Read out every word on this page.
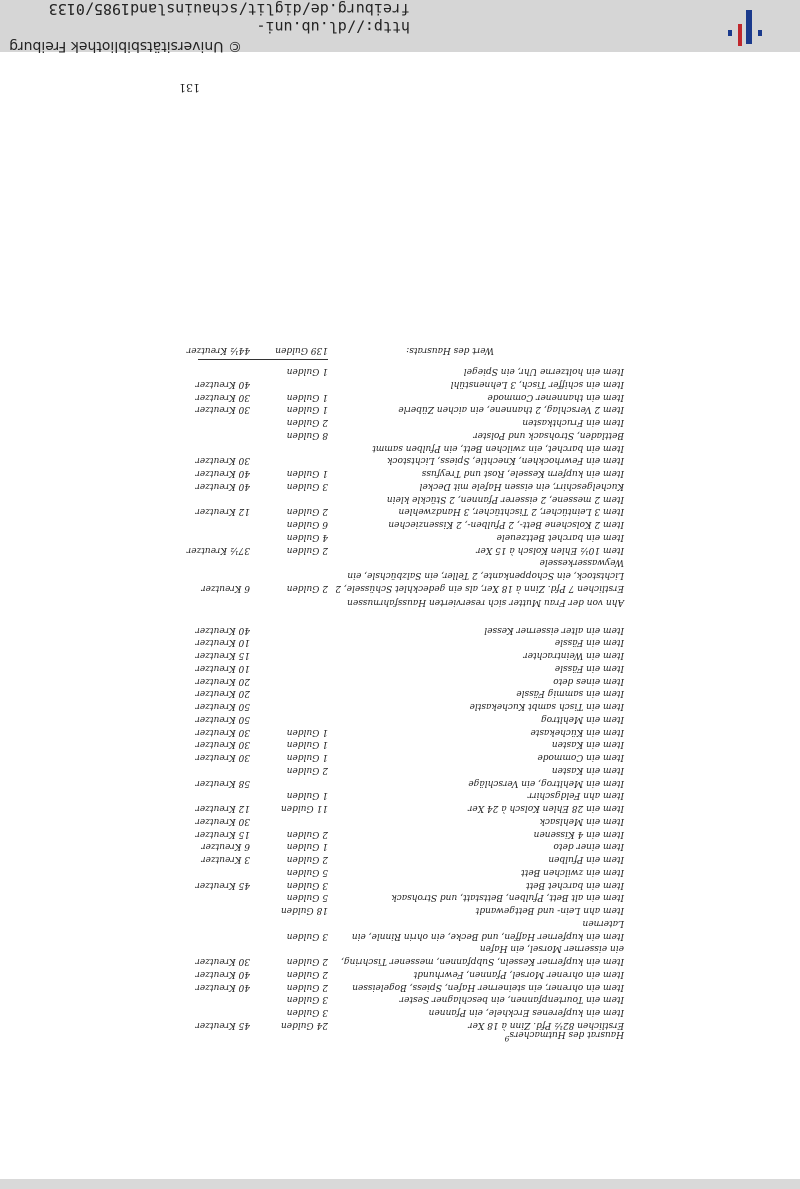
Hausrat des Hutmachers$^9$
Erstlichen 82½ Pfd. Zinn à 18 Xer
24 Gulden
45 Kreutzer
Item ein kupferenes Erckhele, ein Pfannen
3 Gulden
Item ein Tourtenpfannen, ein beschlagner Sester
3 Gulden
Item ein ohrener, ein steinerner Hafen, Spiess, Bogeleissen
2 Gulden
40 Kreutzer
Item ein ohrener Morsel, Pfannen, Fewrhundt
2 Gulden
40 Kreutzer
Item ein kupferner Kesseln, Subpfannen, messener Tischring, ein eisserner Morsel, ein Hafen
2 Gulden
30 Kreutzer
Item ein kupferner Haffen, und Becke, ein ohrin Rinnle, ein Laternen
3 Gulden
Item ahn Lein- und Bettgewandt
18 Gulden
Item ein alt Bett, Pfulben, Bettstatt, und Strohsack
5 Gulden
Item ein barchet Bett
3 Gulden
45 Kreutzer
Item ein zwilchen Bett
5 Gulden
Item ein Pfulben
2 Gulden
3 Kreutzer
Item einer deto
1 Gulden
6 Kreutzer
Item ein 4 Kissenen
2 Gulden
15 Kreutzer
Item ein Mehlsack
30 Kreutzer
Item ein 28 Ehlen Kolsch à 24 Xer
11 Gulden
12 Kreutzer
Item ahn Feldgschirr
1 Gulden
Item ein Mehltrog, ein Verschläge
58 Kreutzer
Item ein Kasten
2 Gulden
Item ein Commode
1 Gulden
30 Kreutzer
Item ein Kasten
1 Gulden
30 Kreutzer
Item ein Küchekaste
1 Gulden
30 Kreutzer
Item ein Mehltrog
50 Kreutzer
Item ein Tisch sambt Kuchekastle
50 Kreutzer
Item ein sammig Fässle
20 Kreutzer
Item eines deto
20 Kreutzer
Item ein Fässle
10 Kreutzer
Item ein Weintrachter
15 Kreutzer
Item ein Fässle
10 Kreutzer
Item ein alter eisserner Kessel
40 Kreutzer
Ahn von der Frau Mutter sich reservierten Haussfahrnussen
Erstlichen 7 Pfd. Zinn à 18 Xer, als ein gedeckhlet Schüssele, 2 Lichtstock, ein Schoppenkante, 2 Teller, ein Salzbüchsle, ein Weywasserkessele
2 Gulden
6 Kreutzer
Item 10½ Ehlen Kolsch à 15 Xer
2 Gulden
37½ Kreutzer
Item ein barchet Bettzeuele
4 Gulden
Item 2 Kolschene Bett-, 2 Pfulben-, 2 Kissenziechen
6 Gulden
Item 3 Leintücher, 2 Tischtücher, 3 Handzwehlen
2 Gulden
12 Kreutzer
Item 2 messene, 2 eisserer Pfannen, 2 Stückle klein
Kuchelgeschirr, ein eissen Hafele mit Deckel
3 Gulden
40 Kreutzer
Item ein kupfern Kessele, Rost und Treyfuss
1 Gulden
40 Kreutzer
Item ein Fewrhockhen, Knechtle, Spiess, Lichtstock
30 Kreutzer
Item ein barchet, ein zwilchen Bett, ein Pfulben sammt
Bettladen, Strohsack und Polster
8 Gulden
Item ein Fruchtkasten
2 Gulden
Item 2 Verschlag, 2 thannene, ein aichen Züberle
1 Gulden
30 Kreutzer
Item ein thannener Commode
1 Gulden
30 Kreutzer
Item ein schiffer Tisch, 3 Lehnenstühl
40 Kreutzer
Item ein holtzerne Uhr, ein Spiegel
1 Gulden
Wert des Hausrats:
139 Gulden
44½ Kreutzer
131
© Universitätsbibliothek Freiburg
http://dl.ub.uni-freiburg.de/diglit/schauinsland1985/0133
